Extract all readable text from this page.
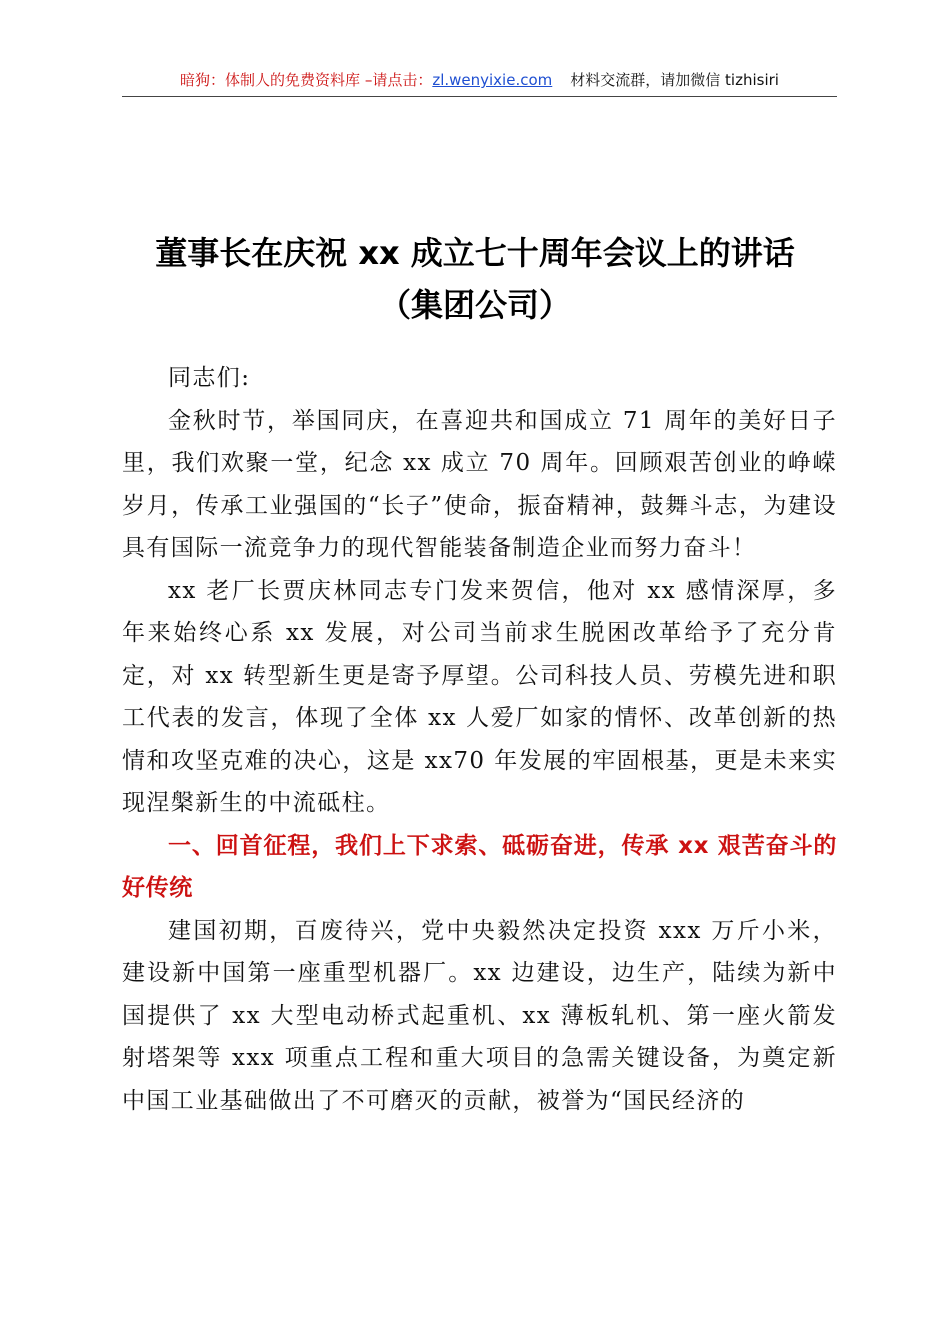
暗狗：体制人的免费资料库 –请点击：zl.wenyixie.com 材料交流群，请加微信 tizhisiri
董事长在庆祝 xx 成立七十周年会议上的讲话
（集团公司）

同志们:

金秋时节，举国同庆，在喜迎共和国成立 71 周年的美好日子里，我们欢聚一堂，纪念 xx 成立 70 周年。回顾艰苦创业的峥嵘岁月，传承工业强国的“长子”使命，振奋精神，鼓舞斗志，为建设具有国际一流竞争力的现代智能装备制造企业而努力奋斗！

xx 老厂长贾庆林同志专门发来贺信，他对 xx 感情深厚，多年来始终心系 xx 发展，对公司当前求生脱困改革给予了充分肯定，对 xx 转型新生更是寄予厚望。公司科技人员、劳模先进和职工代表的发言，体现了全体 xx 人爱厂如家的情怀、改革创新的热情和攻坚克难的决心，这是 xx70 年发展的牢固根基，更是未来实现涅槃新生的中流砥柱。

一、回首征程，我们上下求索、砥砺奋进，传承 xx 艰苦奋斗的好传统

建国初期，百废待兴，党中央毅然决定投资 xxx 万斤小米，建设新中国第一座重型机器厂。xx 边建设，边生产，陆续为新中国提供了 xx 大型电动桥式起重机、xx 薄板轧机、第一座火箭发射塔架等 xxx 项重点工程和重大项目的急需关键设备，为奠定新中国工业基础做出了不可磨灭的贡献，被誉为“国民经济的
